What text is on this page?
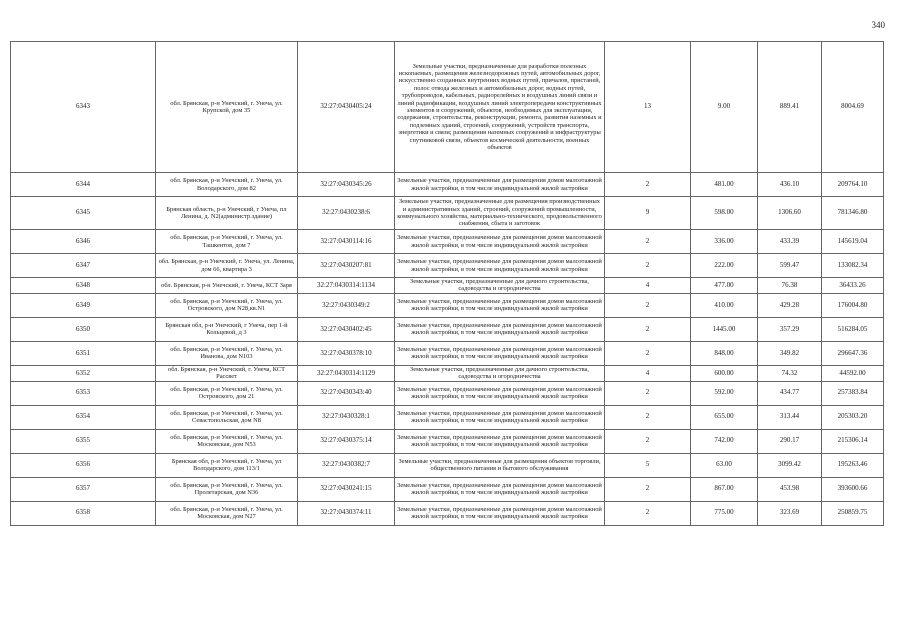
340
6343	обл. Брянская, р-н Унечский, г. Унеча, ул. Крупской, дом 35	32:27:0430405:24	Земельные участки, предназначенные для разработки полезных ископаемых, размещения железнодорожных путей, автомобильных дорог, искусственно созданных внутренних водных путей, причалов, пристаней, полос отвода железных и автомобильных дорог, водных путей, трубопроводов, кабельных, радиорелейных и воздушных линий связи и линий радиофикации, воздушных линий электропередачи конструктивных элементов и сооружений, объектов, необходимых для эксплуатации, содержания, строительства, реконструкции, ремонта, развития наземных и подземных зданий, строений, сооружений, устройств транспорта, энергетики и связи; размещения наземных сооружений и инфраструктуры спутниковой связи, объектов космической деятельности, военных объектов	13	9.00	889.41	8004.69
6344	обл. Брянская, р-н Унечский, г. Унеча, ул. Володарского, дом 82	32:27:0430345:26	Земельные участки, предназначенные для размещения домов малоэтажной жилой застройки, в том числе индивидуальной жилой застройки	2	481.00	436.10	209764.10
6345	Брянская область, р-н Унечский, г Унеча, пл Ленина, д. N2(администр.здание)	32:27:0430238:6	Земельные участки, предназначенные для размещения производственных и административных зданий, строений, сооружений промышленности, коммунального хозяйства, материально-технического, продовольственного снабжения, сбыта и заготовок	9	598.00	1306.60	781346.80
6346	обл. Брянская, р-н Унечский, г. Унеча, ул. Ташкентов, дом 7	32:27:0430114:16	Земельные участки, предназначенные для размещения домов малоэтажной жилой застройки, в том числе индивидуальной жилой застройки	2	336.00	433.39	145619.04
6347	обл. Брянская, р-н Унечский, г. Унеча, ул. Ленина, дом 66, квартира 3	32:27:0430207:81	Земельные участки, предназначенные для размещения домов малоэтажной жилой застройки, в том числе индивидуальной жилой застройки	2	222.00	599.47	133082.34
6348	обл. Брянская, р-н Унечский, г. Унеча, КСТ Заря	32:27:0430314:1134	Земельные участки, предназначенные для дачного строительства, садоводства и огородничества	4	477.00	76.38	36433.26
6349	обл. Брянская, р-н Унечский, г. Унеча, ул. Островского, дом N28,кв.N1	32:27:0430349:2	Земельные участки, предназначенные для размещения домов малоэтажной жилой застройки, в том числе индивидуальной жилой застройки	2	410.00	429.28	176004.80
6350	Брянская обл, р-н Унечский, г Унеча, пер 1-й Кольцевой, д 3	32:27:0430402:45	Земельные участки, предназначенные для размещения домов малоэтажной жилой застройки, в том числе индивидуальной жилой застройки	2	1445.00	357.29	516284.05
6351	обл. Брянская, р-н Унечский, г. Унеча, ул. Иванова, дом N103	32:27:0430378:10	Земельные участки, предназначенные для размещения домов малоэтажной жилой застройки, в том числе индивидуальной жилой застройки	2	848.00	349.82	296647.36
6352	обл. Брянская, р-н Унечский, г. Унеча, КСТ Рассвет	32:27:0430314:1129	Земельные участки, предназначенные для дачного строительства, садоводства и огородничества	4	600.00	74.32	44592.00
6353	обл. Брянская, р-н Унечский, г. Унеча, ул. Островского, дом 21	32:27:0430343:40	Земельные участки, предназначенные для размещения домов малоэтажной жилой застройки, в том числе индивидуальной жилой застройки	2	592.00	434.77	257383.84
6354	обл. Брянская, р-н Унечский, г. Унеча, ул. Севастопольская, дом N8	32:27:0430328:1	Земельные участки, предназначенные для размещения домов малоэтажной жилой застройки, в том числе индивидуальной жилой застройки	2	655.00	313.44	205303.20
6355	обл. Брянская, р-н Унечский, г. Унеча, ул. Московская, дом N53	32:27:0430375:14	Земельные участки, предназначенные для размещения домов малоэтажной жилой застройки, в том числе индивидуальной жилой застройки	2	742.00	290.17	215306.14
6356	Брянская обл, р-н Унечский, г. Унеча, ул Володарского, дом 113/1	32:27:0430382:7	Земельные участки, предназначенные для размещения объектов торговли, общественного питания и бытового обслуживания	5	63.00	3099.42	195263.46
6357	обл. Брянская, р-н Унечский, г. Унеча, ул. Пролетарская, дом N36	32:27:0430241:15	Земельные участки, предназначенные для размещения домов малоэтажной жилой застройки, в том числе индивидуальной жилой застройки	2	867.00	453.98	393600.66
6358	обл. Брянская, р-н Унечский, г. Унеча, ул. Московская, дом N27	32:27:0430374:11	Земельные участки, предназначенные для размещения домов малоэтажной жилой застройки, в том числе индивидуальной жилой застройки	2	775.00	323.69	250859.75
